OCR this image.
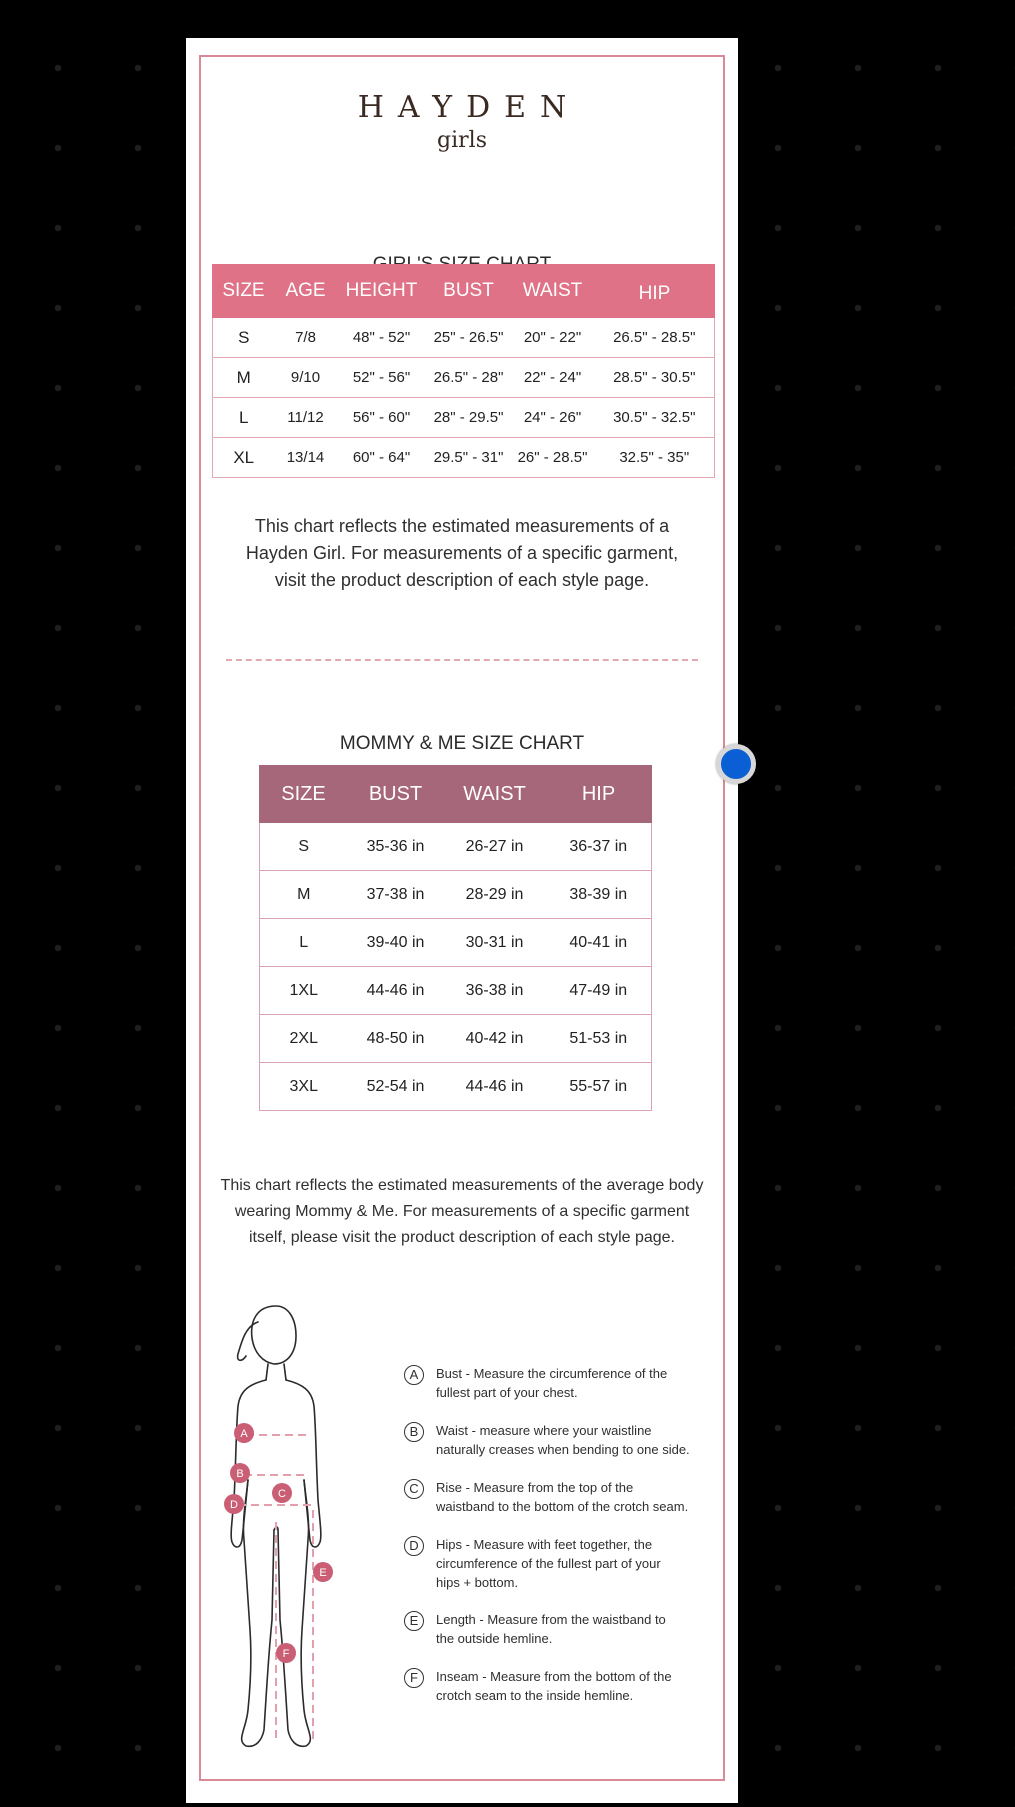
HAYDEN
girls
SIZE	AGE	HEIGHT	BUST	WAIST	HIP
S	7/8	48" - 52"	25" - 26.5"	20" - 22"	26.5" - 28.5"
M	9/10	52" - 56"	26.5" - 28"	22" - 24"	28.5" - 30.5"
L	11/12	56" - 60"	28" - 29.5"	24" - 26"	30.5" - 32.5"
XL	13/14	60" - 64"	29.5" - 31"	26" - 28.5"	32.5" - 35"
This chart reflects the estimated measurements of a
Hayden Girl. For measurements of a specific garment,
visit the product description of each style page.
MOMMY & ME SIZE CHART
SIZE	BUST	WAIST	HIP
S	35-36 in	26-27 in	36-37 in
M	37-38 in	28-29 in	38-39 in
L	39-40 in	30-31 in	40-41 in
1XL	44-46 in	36-38 in	47-49 in
2XL	48-50 in	40-42 in	51-53 in
3XL	52-54 in	44-46 in	55-57 in
This chart reflects the estimated measurements of the average body
wearing Mommy & Me. For measurements of a specific garment
itself, please visit the product description of each style page.
A
B
C
D
E
F
A	Bust - Measure the circumference of the
fullest part of your chest.
B	Waist - measure where your waistline
naturally creases when bending to one side.
C	Rise - Measure from the top of the
waistband to the bottom of the crotch seam.
D	Hips - Measure with feet together, the
circumference of the fullest part of your
hips + bottom.
E	Length - Measure from the waistband to
the outside hemline.
F	Inseam - Measure from the bottom of the
crotch seam to the inside hemline.
